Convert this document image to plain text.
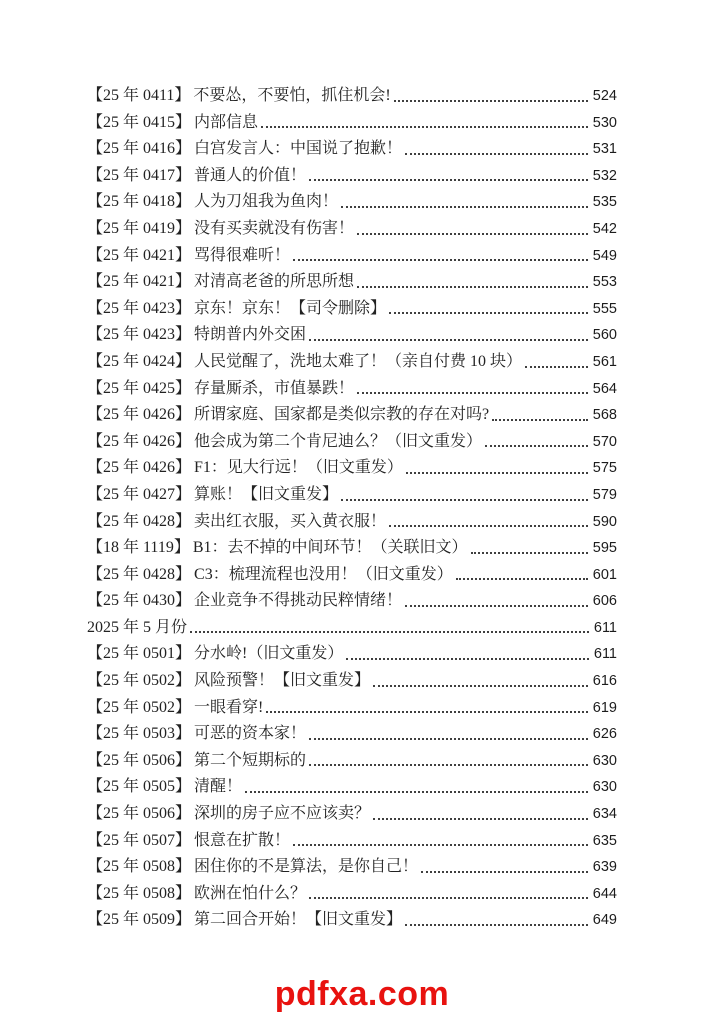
【25 年 0411】 不要怂，不要怕，抓住机会!	524
【25 年 0415】 内部信息	530
【25 年 0416】 白宫发言人：中国说了抱歉！	531
【25 年 0417】 普通人的价值！	532
【25 年 0418】 人为刀俎我为鱼肉！	535
【25 年 0419】 没有买卖就没有伤害！	542
【25 年 0421】 骂得很难听！	549
【25 年 0421】 对清高老爸的所思所想	553
【25 年 0423】 京东！京东！【司令删除】	555
【25 年 0423】 特朗普内外交困	560
【25 年 0424】 人民觉醒了，洗地太难了！（亲自付费 10 块）	561
【25 年 0425】 存量厮杀，市值暴跌！	564
【25 年 0426】 所谓家庭、国家都是类似宗教的存在对吗?	568
【25 年 0426】 他会成为第二个肯尼迪么？（旧文重发）	570
【25 年 0426】 F1：见大行远！（旧文重发）	575
【25 年 0427】 算账！【旧文重发】	579
【25 年 0428】 卖出红衣服，买入黄衣服！	590
【18 年 1119】 B1：去不掉的中间环节！（关联旧文）	595
【25 年 0428】 C3：梳理流程也没用！（旧文重发）	601
【25 年 0430】 企业竞争不得挑动民粹情绪！	606
2025 年 5 月份	611
【25 年 0501】 分水岭!（旧文重发）	611
【25 年 0502】 风险预警！【旧文重发】	616
【25 年 0502】 一眼看穿!	619
【25 年 0503】 可恶的资本家！	626
【25 年 0506】 第二个短期标的	630
【25 年 0505】 清醒！	630
【25 年 0506】 深圳的房子应不应该卖？	634
【25 年 0507】 恨意在扩散！	635
【25 年 0508】 困住你的不是算法，是你自己！	639
【25 年 0508】 欧洲在怕什么？	644
【25 年 0509】 第二回合开始！【旧文重发】	649
pdfxa.com
